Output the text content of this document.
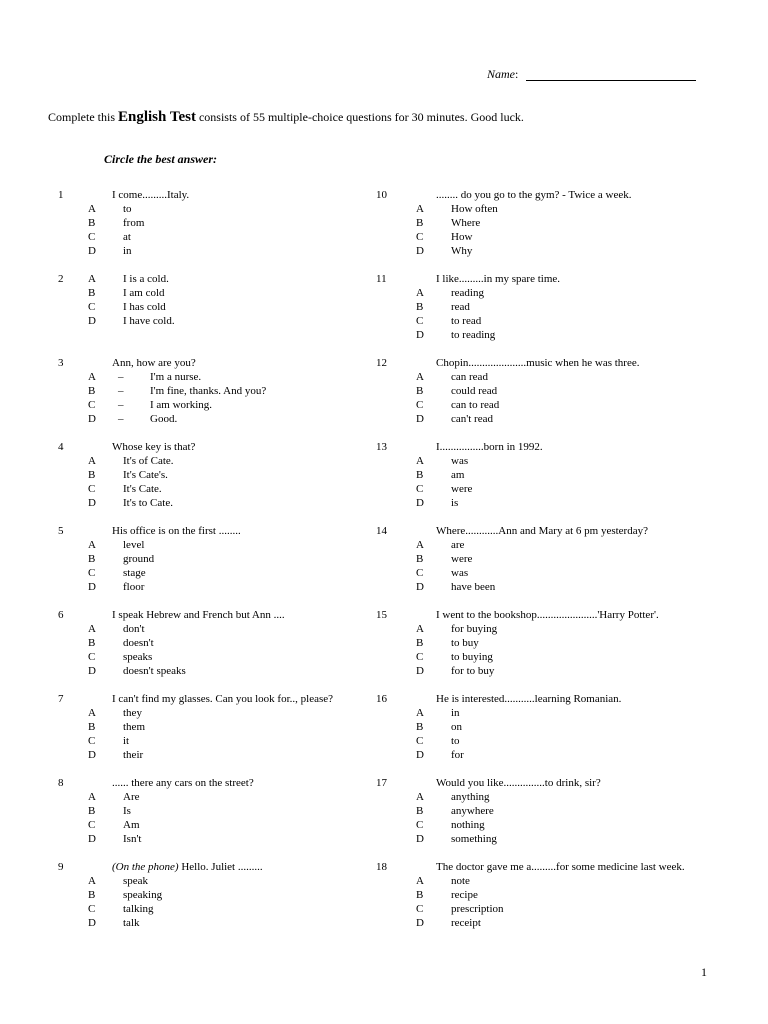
Name:
Complete this English Test consists of 55 multiple-choice questions for 30 minutes. Good luck.
Circle the best answer:
1	I come.........Italy.
A	to
B	from
C	at
D	in
2 A	I is a cold.
B	I am cold
C	I has cold
D	I have cold.
3	Ann, how are you?
A	– I'm a nurse.
B	– I'm fine, thanks. And you?
C	– I am working.
D	– Good.
4	Whose key is that?
A	It's of Cate.
B	It's Cate's.
C	It's Cate.
D	It's to Cate.
5	His office is on the first ........
A	level
B	ground
C	stage
D	floor
6	I speak Hebrew and French but Ann ....
A	don't
B	doesn't
C	speaks
D	doesn't speaks
7	I can't find my glasses. Can you look for.., please?
A	they
B	them
C	it
D	their
8	...... there any cars on the street?
A	Are
B	Is
C	Am
D	Isn't
9	(On the phone) Hello. Juliet .........
A	speak
B	speaking
C	talking
D	talk
10	........ do you go to the gym? - Twice a week.
A	How often
B	Where
C	How
D	Why
11	I like.........in my spare time.
A	reading
B	read
C	to read
D	to reading
12	Chopin.....................music when he was three.
A	can read
B	could read
C	can to read
D	can't read
13	I................born in 1992.
A	was
B	am
C	were
D	is
14	Where............Ann and Mary at 6 pm yesterday?
A	are
B	were
C	was
D	have been
15	I went to the bookshop......................'Harry Potter'.
A	for buying
B	to buy
C	to buying
D	for to buy
16	He is interested...........learning Romanian.
A	in
B	on
C	to
D	for
17	Would you like...............to drink, sir?
A	anything
B	anywhere
C	nothing
D	something
18	The doctor gave me a.........for some medicine last week.
A	note
B	recipe
C	prescription
D	receipt
1
